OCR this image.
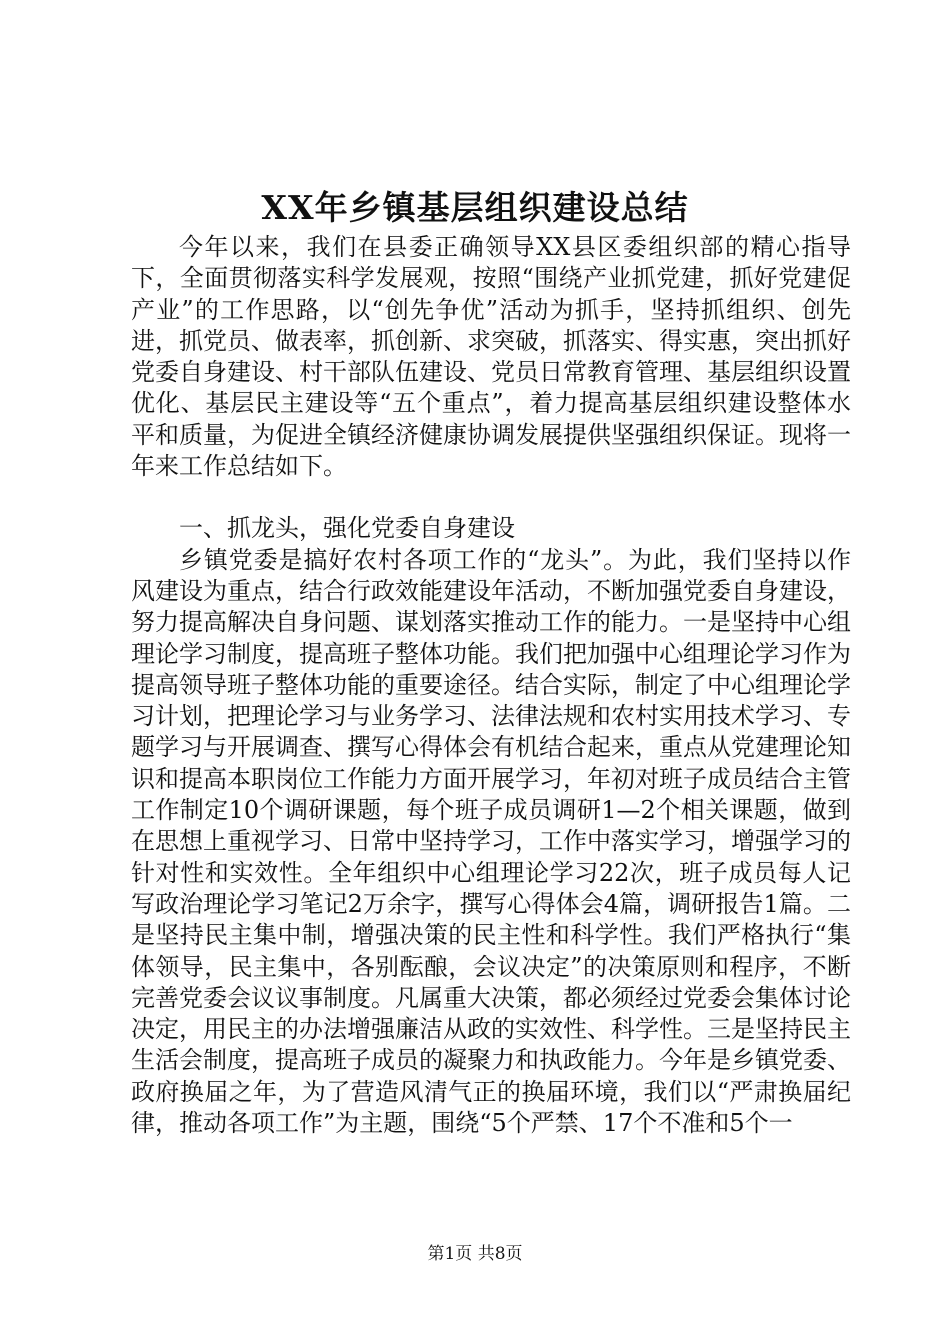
XX年乡镇基层组织建设总结

今年以来，我们在县委正确领导XX县区委组织部的精心指导下，全面贯彻落实科学发展观，按照“围绕产业抓党建，抓好党建促产业”的工作思路，以“创先争优”活动为抓手，坚持抓组织、创先进，抓党员、做表率，抓创新、求突破，抓落实、得实惠，突出抓好党委自身建设、村干部队伍建设、党员日常教育管理、基层组织设置优化、基层民主建设等“五个重点”，着力提高基层组织建设整体水平和质量，为促进全镇经济健康协调发展提供坚强组织保证。现将一年来工作总结如下。

一、抓龙头，强化党委自身建设

乡镇党委是搞好农村各项工作的“龙头”。为此，我们坚持以作风建设为重点，结合行政效能建设年活动，不断加强党委自身建设，努力提高解决自身问题、谋划落实推动工作的能力。一是坚持中心组理论学习制度，提高班子整体功能。我们把加强中心组理论学习作为提高领导班子整体功能的重要途径。结合实际，制定了中心组理论学习计划，把理论学习与业务学习、法律法规和农村实用技术学习、专题学习与开展调查、撰写心得体会有机结合起来，重点从党建理论知识和提高本职岗位工作能力方面开展学习，年初对班子成员结合主管工作制定10个调研课题，每个班子成员调研1—2个相关课题，做到在思想上重视学习、日常中坚持学习，工作中落实学习，增强学习的针对性和实效性。全年组织中心组理论学习22次，班子成员每人记写政治理论学习笔记2万余字，撰写心得体会4篇，调研报告1篇。二是坚持民主集中制，增强决策的民主性和科学性。我们严格执行“集体领导，民主集中，各别酝酿，会议决定”的决策原则和程序，不断完善党委会议议事制度。凡属重大决策，都必须经过党委会集体讨论决定，用民主的办法增强廉洁从政的实效性、科学性。三是坚持民主生活会制度，提高班子成员的凝聚力和执政能力。今年是乡镇党委、政府换届之年，为了营造风清气正的换届环境，我们以“严肃换届纪律，推动各项工作”为主题，围绕“5个严禁、17个不准和5个一

第1页 共8页
